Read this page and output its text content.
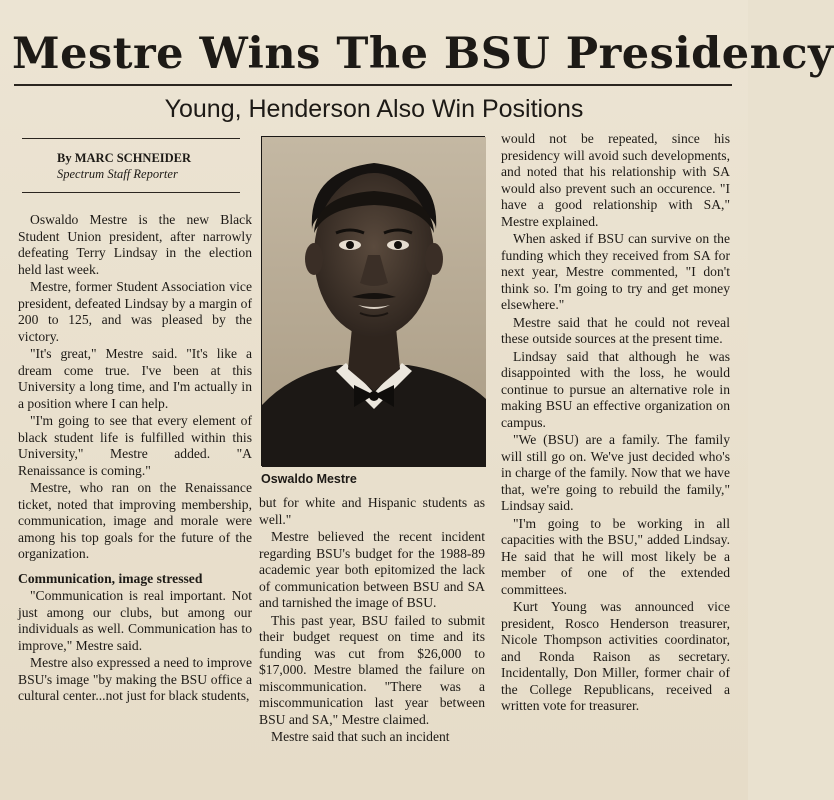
Mestre Wins The BSU Presidency
Young, Henderson Also Win Positions
By MARC SCHNEIDER
Spectrum Staff Reporter

Oswaldo Mestre is the new Black Student Union president, after narrowly defeating Terry Lindsay in the election held last week.

Mestre, former Student Association vice president, defeated Lindsay by a margin of 200 to 125, and was pleased by the victory.

"It's great," Mestre said. "It's like a dream come true. I've been at this University a long time, and I'm actually in a position where I can help.

"I'm going to see that every element of black student life is fulfilled within this University," Mestre added. "A Renaissance is coming."

Mestre, who ran on the Renaissance ticket, noted that improving membership, communication, image and morale were among his top goals for the future of the organization.

Communication, image stressed

"Communication is real important. Not just among our clubs, but among our individuals as well. Communication has to improve," Mestre said.

Mestre also expressed a need to improve BSU's image "by making the BSU office a cultural center...not just for black students,

Oswaldo Mestre

but for white and Hispanic students as well."

Mestre believed the recent incident regarding BSU's budget for the 1988-89 academic year both epitomized the lack of communication between BSU and SA and tarnished the image of BSU.

This past year, BSU failed to submit their budget request on time and its funding was cut from $26,000 to $17,000. Mestre blamed the failure on miscommunication. "There was a miscommunication last year between BSU and SA," Mestre claimed.

Mestre said that such an incident

would not be repeated, since his presidency will avoid such developments, and noted that his relationship with SA would also prevent such an occurence. "I have a good relationship with SA," Mestre explained.

When asked if BSU can survive on the funding which they received from SA for next year, Mestre commented, "I don't think so. I'm going to try and get money elsewhere."

Mestre said that he could not reveal these outside sources at the present time.

Lindsay said that although he was disappointed with the loss, he would continue to pursue an alternative role in making BSU an effective organization on campus.

"We (BSU) are a family. The family will still go on. We've just decided who's in charge of the family. Now that we have that, we're going to rebuild the family," Lindsay said.

"I'm going to be working in all capacities with the BSU," added Lindsay. He said that he will most likely be a member of one of the extended committees.

Kurt Young was announced vice president, Rosco Henderson treasurer, Nicole Thompson activities coordinator, and Ronda Raison as secretary. Incidentally, Don Miller, former chair of the College Republicans, received a written vote for treasurer.
